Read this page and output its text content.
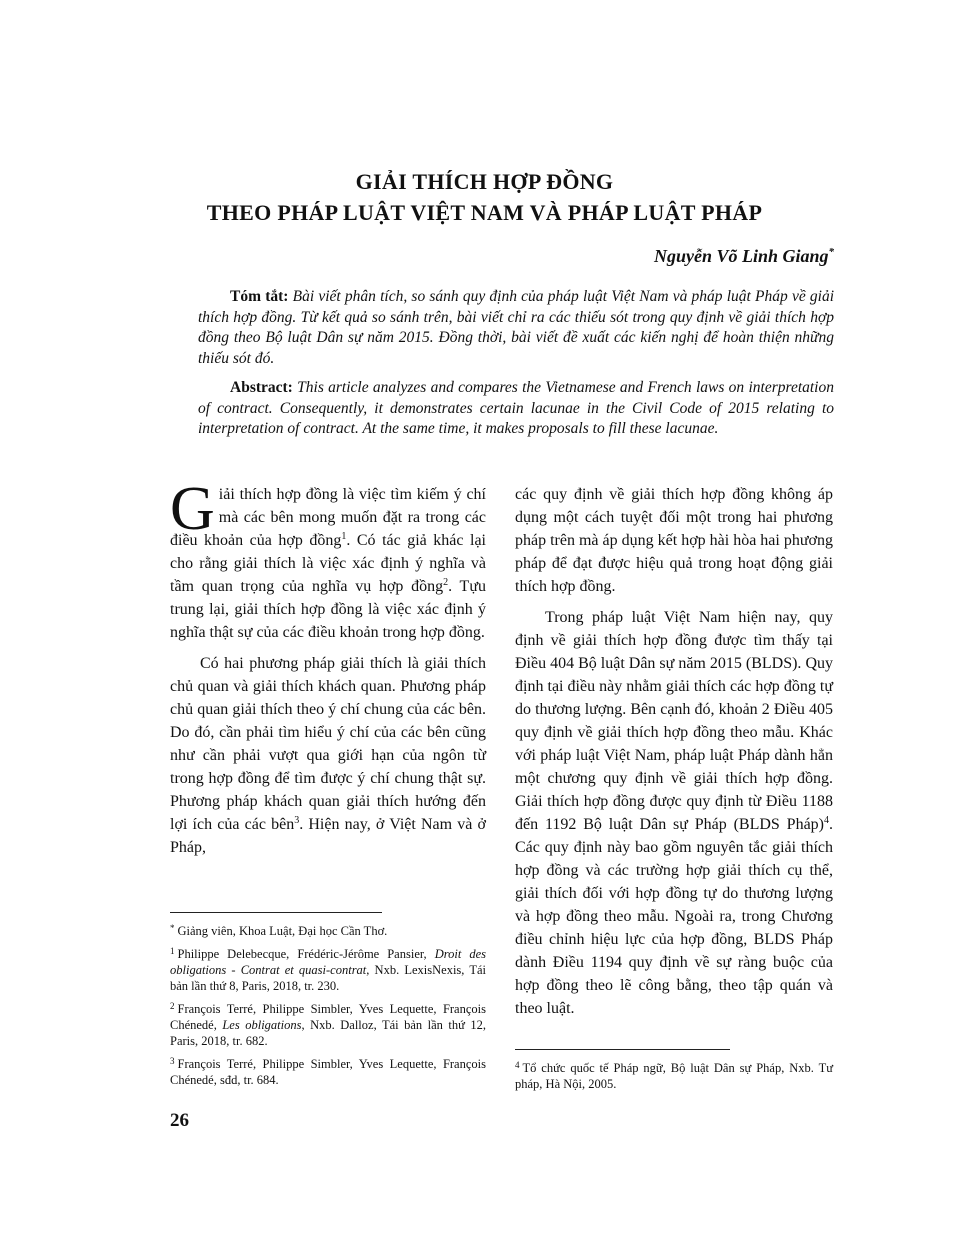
GIẢI THÍCH HỢP ĐỒNG
THEO PHÁP LUẬT VIỆT NAM VÀ PHÁP LUẬT PHÁP
Nguyễn Võ Linh Giang*
Tóm tắt: Bài viết phân tích, so sánh quy định của pháp luật Việt Nam và pháp luật Pháp về giải thích hợp đồng. Từ kết quả so sánh trên, bài viết chỉ ra các thiếu sót trong quy định về giải thích hợp đồng theo Bộ luật Dân sự năm 2015. Đồng thời, bài viết đề xuất các kiến nghị để hoàn thiện những thiếu sót đó.
Abstract: This article analyzes and compares the Vietnamese and French laws on interpretation of contract. Consequently, it demonstrates certain lacunae in the Civil Code of 2015 relating to interpretation of contract. At the same time, it makes proposals to fill these lacunae.

Giải thích hợp đồng là việc tìm kiếm ý chí mà các bên mong muốn đặt ra trong các điều khoản của hợp đồng$^1$. Có tác giả khác lại cho rằng giải thích là việc xác định ý nghĩa và tầm quan trọng của nghĩa vụ hợp đồng$^2$. Tựu trung lại, giải thích hợp đồng là việc xác định ý nghĩa thật sự của các điều khoản trong hợp đồng.

Có hai phương pháp giải thích là giải thích chủ quan và giải thích khách quan. Phương pháp chủ quan giải thích theo ý chí chung của các bên. Do đó, cần phải tìm hiểu ý chí của các bên cũng như cần phải vượt qua giới hạn của ngôn từ trong hợp đồng để tìm được ý chí chung thật sự. Phương pháp khách quan giải thích hướng đến lợi ích của các bên$^3$. Hiện nay, ở Việt Nam và ở Pháp,

các quy định về giải thích hợp đồng không áp dụng một cách tuyệt đối một trong hai phương pháp trên mà áp dụng kết hợp hài hòa hai phương pháp để đạt được hiệu quả trong hoạt động giải thích hợp đồng.

Trong pháp luật Việt Nam hiện nay, quy định về giải thích hợp đồng được tìm thấy tại Điều 404 Bộ luật Dân sự năm 2015 (BLDS). Quy định tại điều này nhằm giải thích các hợp đồng tự do thương lượng. Bên cạnh đó, khoản 2 Điều 405 quy định về giải thích hợp đồng theo mẫu. Khác với pháp luật Việt Nam, pháp luật Pháp dành hẳn một chương quy định về giải thích hợp đồng. Giải thích hợp đồng được quy định từ Điều 1188 đến 1192 Bộ luật Dân sự Pháp (BLDS Pháp)$^4$. Các quy định này bao gồm nguyên tắc giải thích hợp đồng và các trường hợp giải thích cụ thể, giải thích đối với hợp đồng tự do thương lượng và hợp đồng theo mẫu. Ngoài ra, trong Chương điều chỉnh hiệu lực của hợp đồng, BLDS Pháp dành Điều 1194 quy định về sự ràng buộc của hợp đồng theo lẽ công bằng, theo tập quán và theo luật.

* Giảng viên, Khoa Luật, Đại học Cần Thơ.
$^1$ Philippe Delebecque, Frédéric-Jérôme Pansier, Droit des obligations - Contrat et quasi-contrat, Nxb. LexisNexis, Tái bản lần thứ 8, Paris, 2018, tr. 230.
$^2$ François Terré, Philippe Simbler, Yves Lequette, François Chénedé, Les obligations, Nxb. Dalloz, Tái bản lần thứ 12, Paris, 2018, tr. 682.
$^3$ François Terré, Philippe Simbler, Yves Lequette, François Chénedé, sđd, tr. 684.
$^4$ Tổ chức quốc tế Pháp ngữ, Bộ luật Dân sự Pháp, Nxb. Tư pháp, Hà Nội, 2005.
26
